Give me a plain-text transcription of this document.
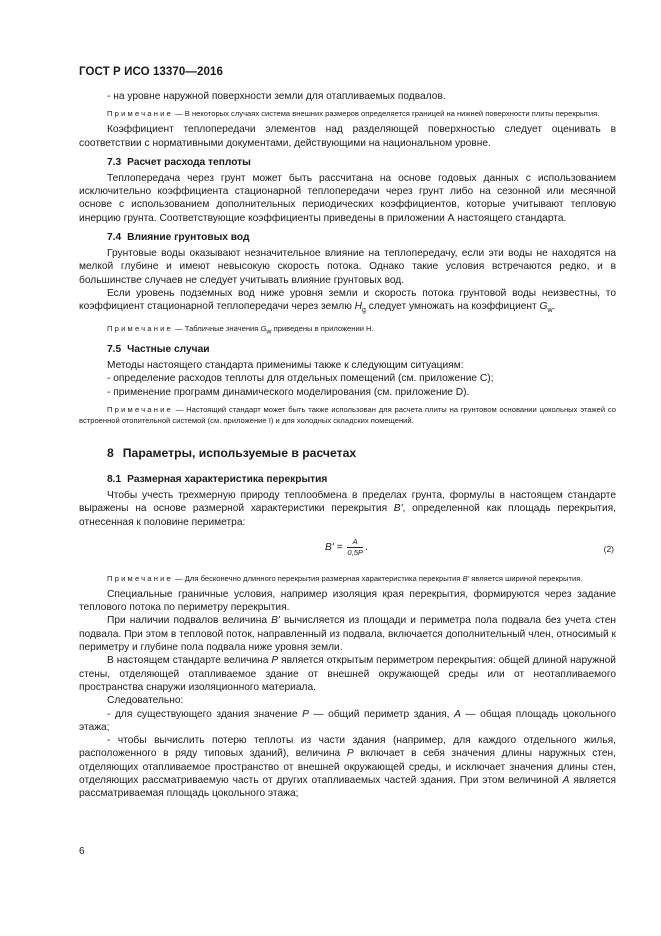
ГОСТ Р ИСО 13370—2016

- на уровне наружной поверхности земли для отапливаемых подвалов.

Примечание — В некоторых случаях система внешних размеров определяется границей на нижней поверхности плиты перекрытия.

Коэффициент теплопередачи элементов над разделяющей поверхностью следует оценивать в соответствии с нормативными документами, действующими на национальном уровне.

7.3 Расчет расхода теплоты

Теплопередача через грунт может быть рассчитана на основе годовых данных с использованием исключительно коэффициента стационарной теплопередачи через грунт либо на сезонной или месячной основе с использованием дополнительных периодических коэффициентов, которые учитывают тепловую инерцию грунта. Соответствующие коэффициенты приведены в приложении А настоящего стандарта.

7.4 Влияние грунтовых вод

Грунтовые воды оказывают незначительное влияние на теплопередачу, если эти воды не находятся на мелкой глубине и имеют невысокую скорость потока. Однако такие условия встречаются редко, и в большинстве случаев не следует учитывать влияние грунтовых вод.

Если уровень подземных вод ниже уровня земли и скорость потока грунтовой воды неизвестны, то коэффициент стационарной теплопередачи через землю $H_g$ следует умножать на коэффициент $G_w$.

Примечание — Табличные значения $G_w$ приведены в приложении Н.

7.5 Частные случаи

Методы настоящего стандарта применимы также к следующим ситуациям:

- определение расходов теплоты для отдельных помещений (см. приложение С);

- применение программ динамического моделирования (см. приложение D).

Примечание — Настоящий стандарт может быть также использован для расчета плиты на грунтовом основании цокольных этажей со встроенной отопительной системой (см. приложение I) и для холодных складских помещений.

8 Параметры, используемые в расчетах
8.1 Размерная характеристика перекрытия

Чтобы учесть трехмерную природу теплообмена в пределах грунта, формулы в настоящем стандарте выражены на основе размерной характеристики перекрытия B', определенной как площадь перекрытия, отнесенная к половине периметра:

$B' = \frac{A}{0,5P}$ .	(2)

Примечание — Для бесконечно длинного перекрытия размерная характеристика перекрытия B' является шириной перекрытия.

Специальные граничные условия, например изоляция края перекрытия, формируются через задание теплового потока по периметру перекрытия.

При наличии подвалов величина B' вычисляется из площади и периметра пола подвала без учета стен подвала. При этом в тепловой поток, направленный из подвала, включается дополнительный член, относимый к периметру и глубине пола подвала ниже уровня земли.

В настоящем стандарте величина P является открытым периметром перекрытия: общей длиной наружной стены, отделяющей отапливаемое здание от внешней окружающей среды или от неотапливаемого пространства снаружи изоляционного материала.

Следовательно:

- для существующего здания значение P — общий периметр здания, A — общая площадь цокольного этажа;

- чтобы вычислить потерю теплоты из части здания (например, для каждого отдельного жилья, расположенного в ряду типовых зданий), величина P включает в себя значения длины наружных стен, отделяющих отапливаемое пространство от внешней окружающей среды, и исключает значения длины стен, отделяющих рассматриваемую часть от других отапливаемых частей здания. При этом величиной A является рассматриваемая площадь цокольного этажа;

6
